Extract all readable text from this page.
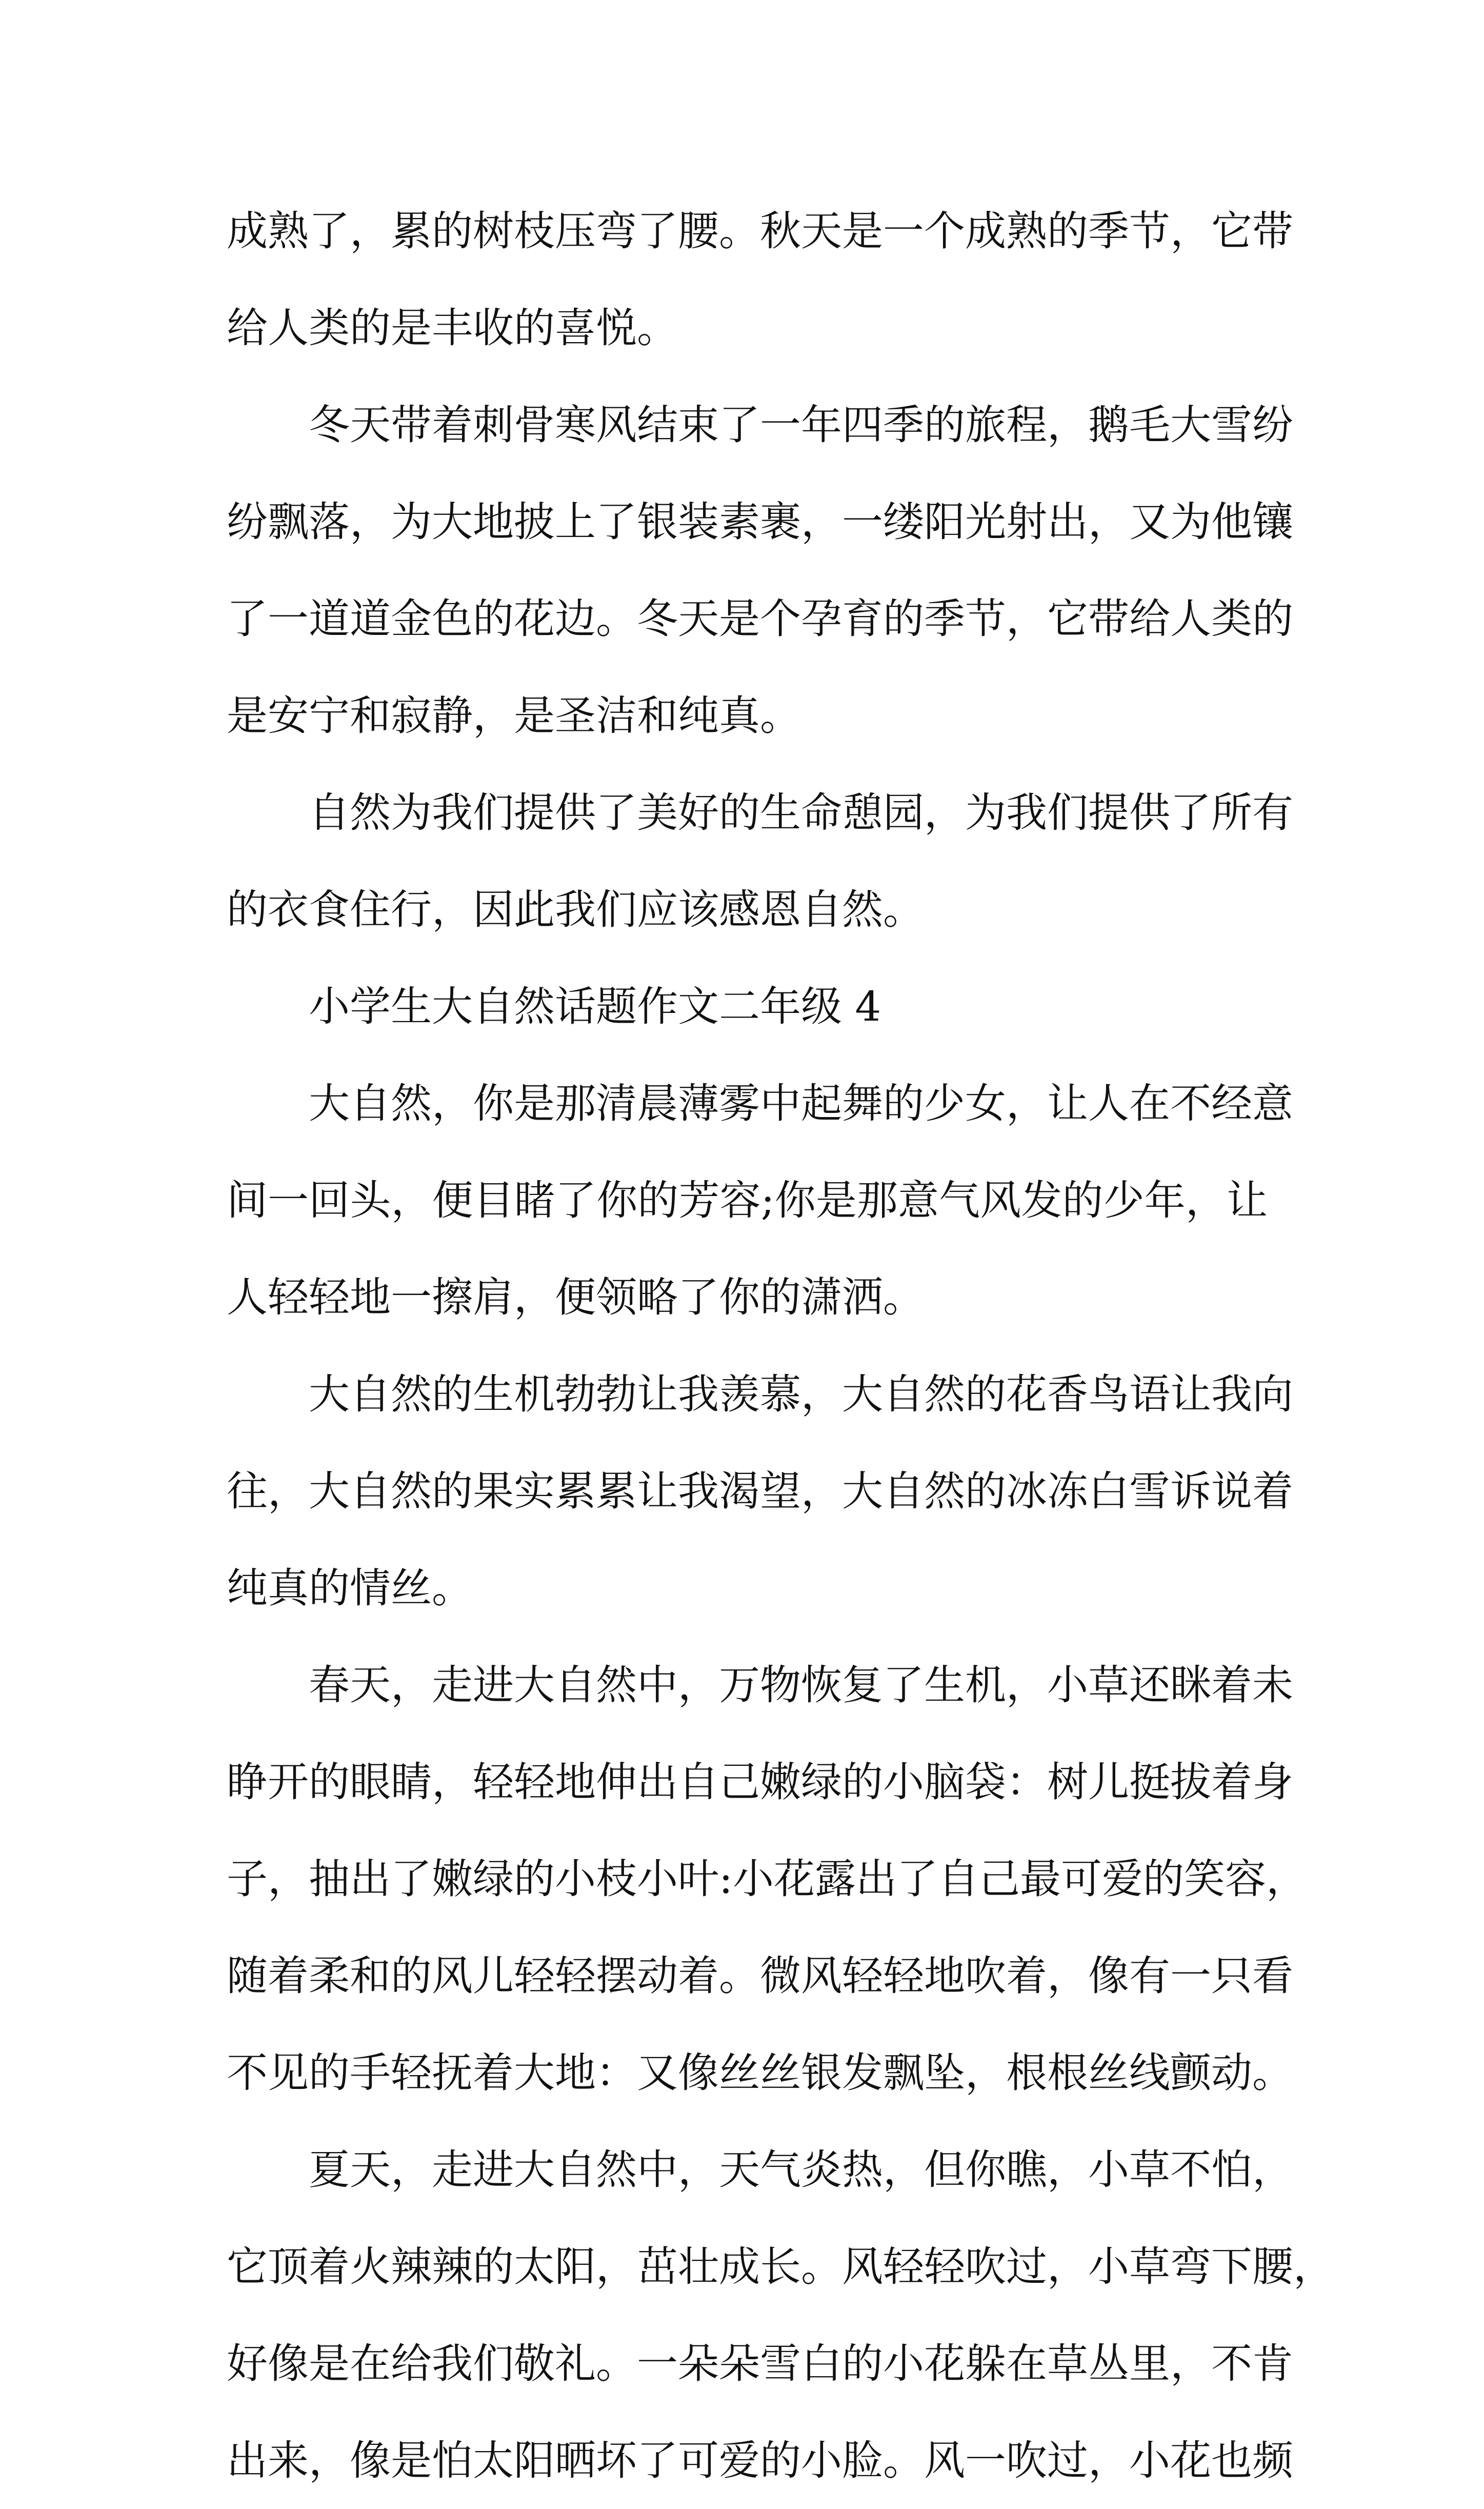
成熟了，累的树枝压弯了腰。秋天是一个成熟的季节，它带
给人类的是丰收的喜悦。
冬天带着刺骨寒风结束了一年四季的旅程，鹅毛大雪纷
纷飘落，为大地披上了银装素裹，一缕阳光射出，又为他镶
了一道道金色的花边。冬天是个孕育的季节，它带给人类的
是安宁和寂静，是圣洁和纯真。
自然为我们提供了美好的生命憩园，为我们提供了所有
的衣食住行，因此我们应该感恩自然。
小学生大自然话题作文二年级 4
大自然，你是那清晨薄雾中起舞的少女，让人在不经意
间一回头，便目睹了你的芳容;你是那意气风发的少年，让
人轻轻地一擦肩，便领略了你的潇洒。
大自然的生机勃勃让我羡慕，大自然的花香鸟语让我向
往，大自然的果实累累让我渴望，大自然的冰冻白雪诉说着
纯真的情丝。
春天，走进大自然中，万物恢复了生机，小草还眯着未
睁开的眼睛，轻轻地伸出自己嫩绿的小脑袋：树儿挺拔着身
子，抽出了嫩绿的小枝小叶:小花露出了自己最可爱的笑容，
随着柔和的风儿轻轻摆动着。微风轻轻地吹着，像有一只看
不见的手轻抚着大地：又像丝丝银发飘坠，根根丝线颤动。
夏天，走进大自然中，天气炎热，但你瞧，小草不怕，
它顶着火辣辣的太阳，茁壮成长。风轻轻吹过，小草弯下腰，
好像是在给我们敬礼。一朵朵雪白的小花躲在草丛里，不肯
出来，像是怕太阳晒坏了可爱的小脸。风一吹过，小花也频
